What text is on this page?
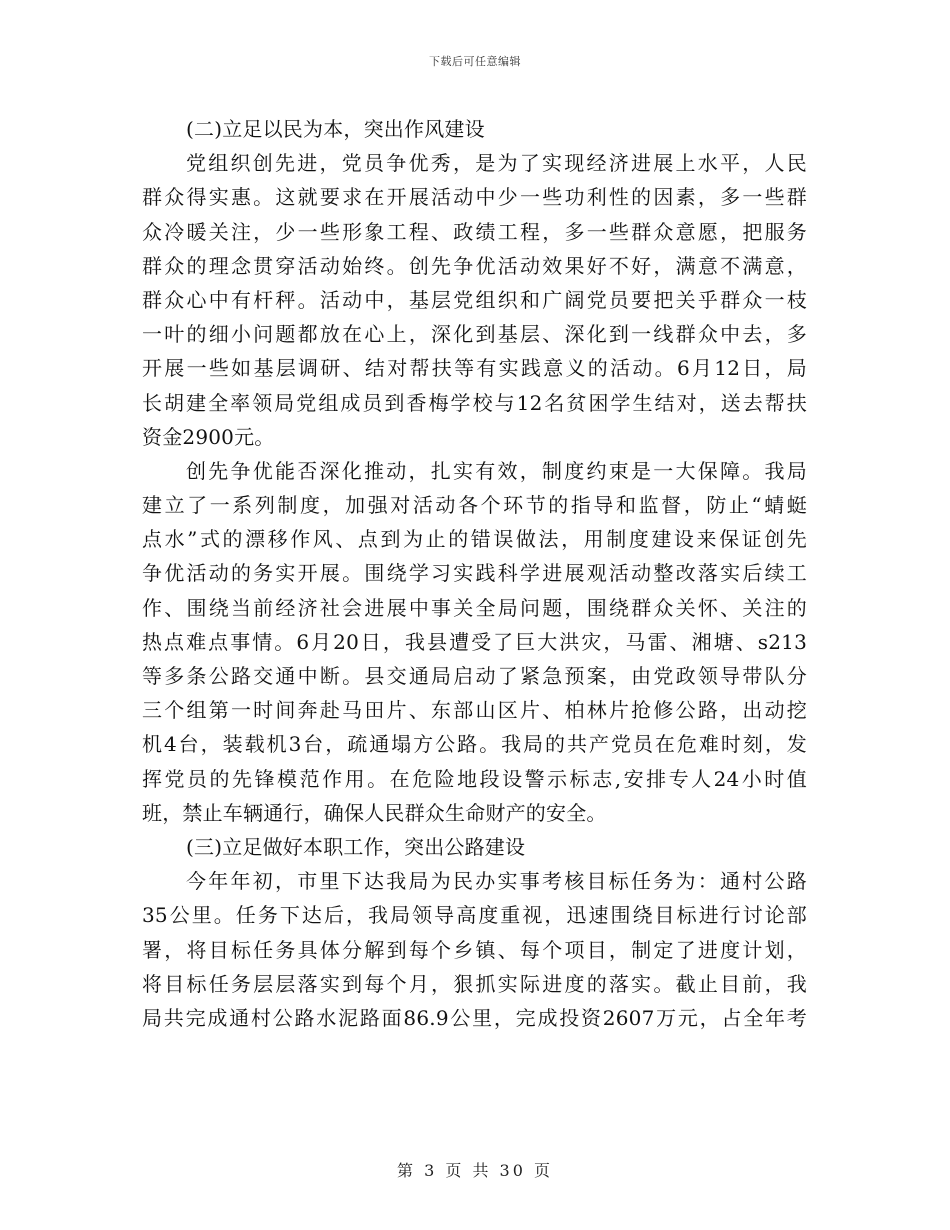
下载后可任意编辑
(二)立足以民为本，突出作风建设
党组织创先进，党员争优秀，是为了实现经济进展上水平，人民
群众得实惠。这就要求在开展活动中少一些功利性的因素，多一些群
众冷暖关注，少一些形象工程、政绩工程，多一些群众意愿，把服务
群众的理念贯穿活动始终。创先争优活动效果好不好，满意不满意，
群众心中有杆秤。活动中，基层党组织和广阔党员要把关乎群众一枝
一叶的细小问题都放在心上，深化到基层、深化到一线群众中去，多
开展一些如基层调研、结对帮扶等有实践意义的活动。6月12日，局
长胡建全率领局党组成员到香梅学校与12名贫困学生结对，送去帮扶
资金2900元。
创先争优能否深化推动，扎实有效，制度约束是一大保障。我局
建立了一系列制度，加强对活动各个环节的指导和监督，防止“蜻蜓
点水”式的漂移作风、点到为止的错误做法，用制度建设来保证创先
争优活动的务实开展。围绕学习实践科学进展观活动整改落实后续工
作、围绕当前经济社会进展中事关全局问题，围绕群众关怀、关注的
热点难点事情。6月20日，我县遭受了巨大洪灾，马雷、湘塘、s213
等多条公路交通中断。县交通局启动了紧急预案，由党政领导带队分
三个组第一时间奔赴马田片、东部山区片、柏林片抢修公路，出动挖
机4台，装载机3台，疏通塌方公路。我局的共产党员在危难时刻，发
挥党员的先锋模范作用。在危险地段设警示标志,安排专人24小时值
班，禁止车辆通行，确保人民群众生命财产的安全。
(三)立足做好本职工作，突出公路建设
今年年初，市里下达我局为民办实事考核目标任务为：通村公路
35公里。任务下达后，我局领导高度重视，迅速围绕目标进行讨论部
署，将目标任务具体分解到每个乡镇、每个项目，制定了进度计划，
将目标任务层层落实到每个月，狠抓实际进度的落实。截止目前，我
局共完成通村公路水泥路面86.9公里，完成投资2607万元，占全年考
第 3 页 共 30 页
